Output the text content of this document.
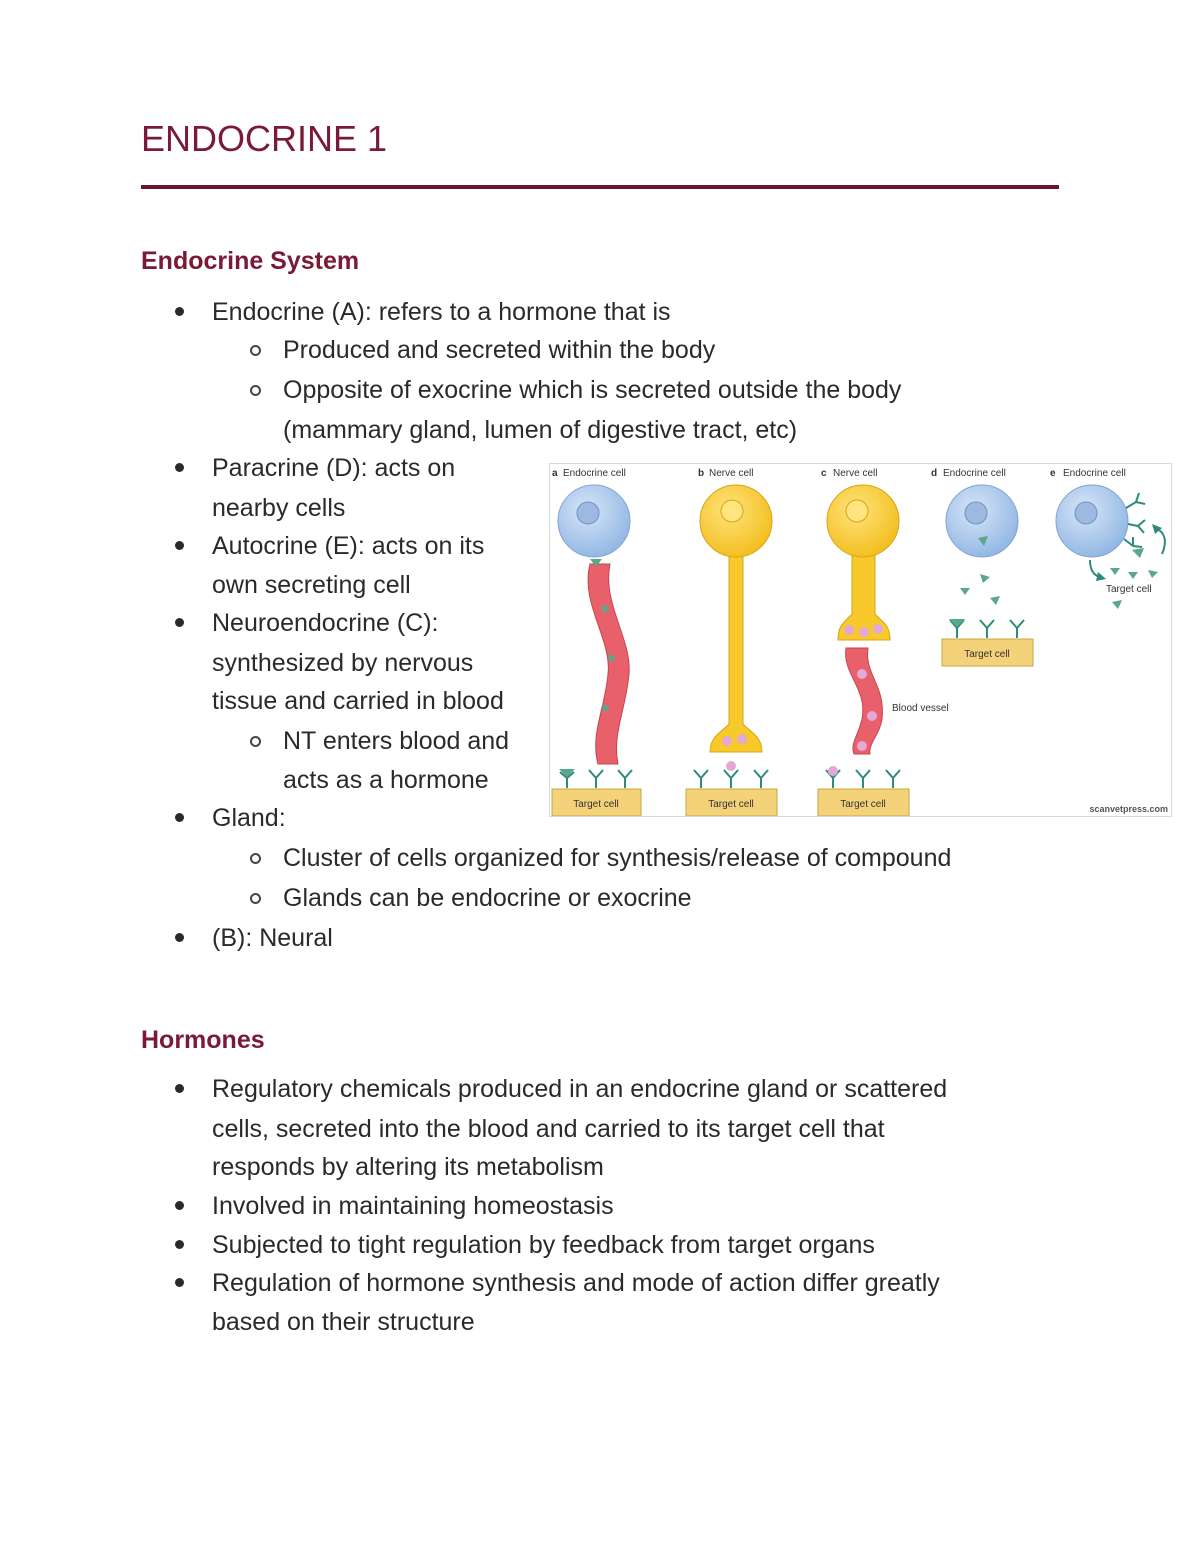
ENDOCRINE 1
Endocrine System
Endocrine (A): refers to a hormone that is
Produced and secreted within the body
Opposite of exocrine which is secreted outside the body
(mammary gland, lumen of digestive tract, etc)
Paracrine (D): acts on
nearby cells
Autocrine (E): acts on its
own secreting cell
Neuroendocrine (C):
synthesized by nervous
tissue and carried in blood
NT enters blood and
acts as a hormone
Gland:
Cluster of cells organized for synthesis/release of compound
Glands can be endocrine or exocrine
(B): Neural
Hormones
Regulatory chemicals produced in an endocrine gland or scattered
cells, secreted into the blood and carried to its target cell that
responds by altering its metabolism
Involved in maintaining homeostasis
Subjected to tight regulation by feedback from target organs
Regulation of hormone synthesis and mode of action differ greatly
based on their structure
a Endocrine cell	b Nerve cell	c Nerve cell	d Endocrine cell	e Endocrine cell
Target cell	Target cell
Blood vessel
Target cell
Target cell
Target cell
scanvetpress.com
